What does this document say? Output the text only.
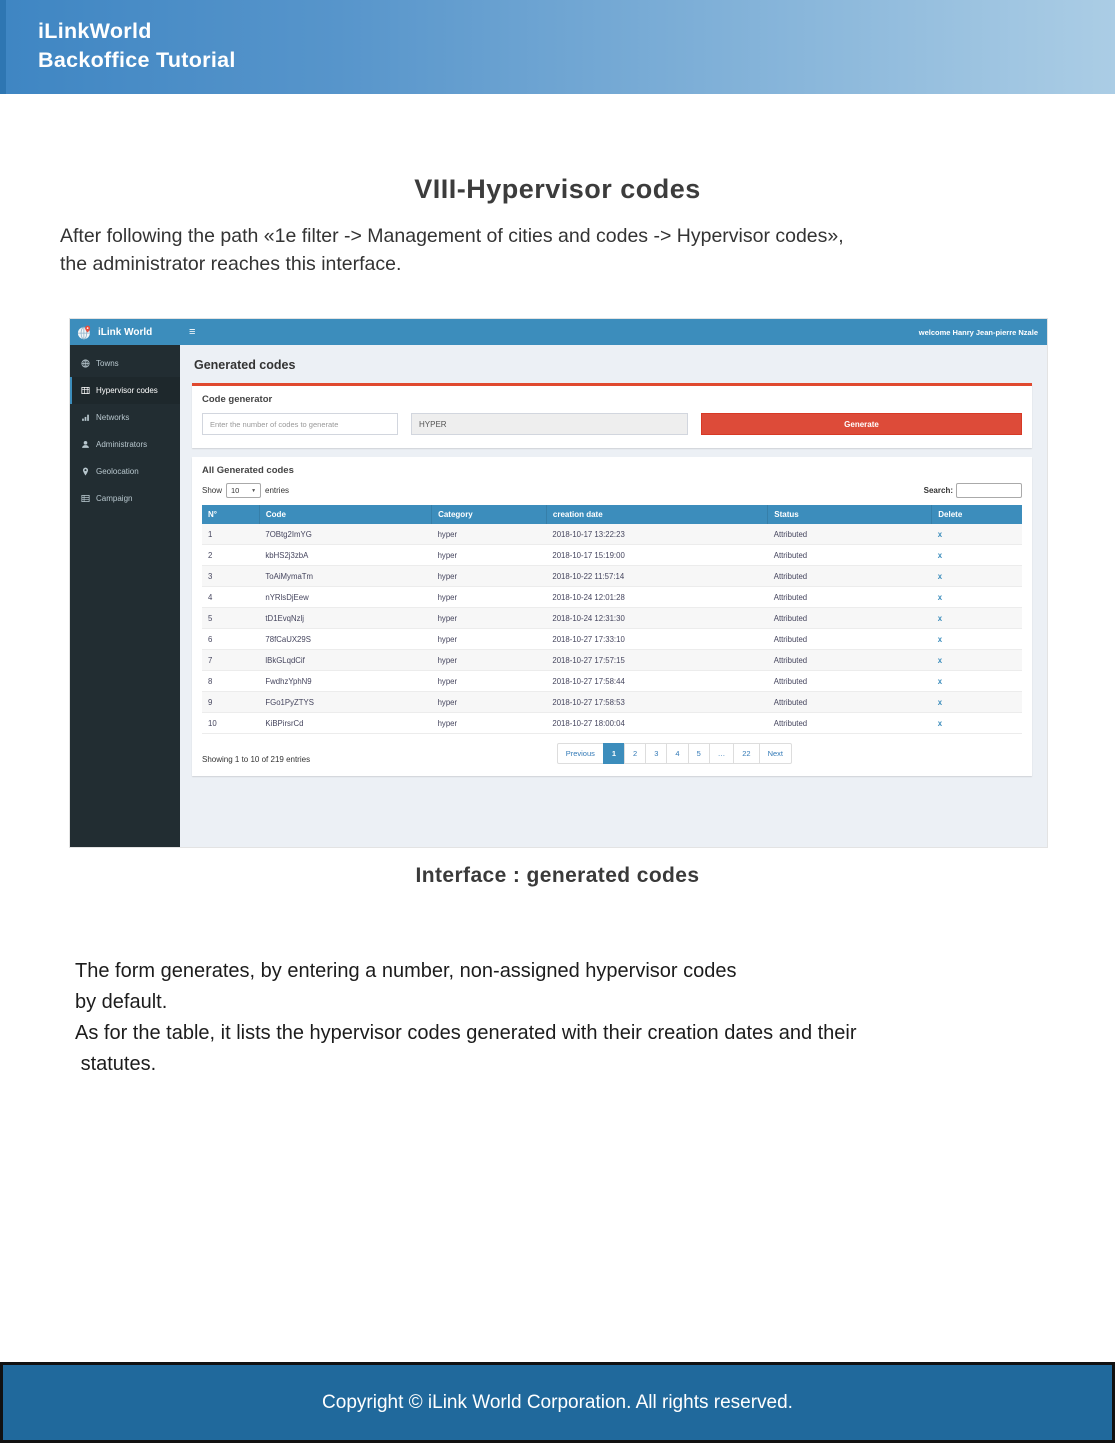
iLinkWorld
Backoffice Tutorial
VIII-Hypervisor codes

After following the path «1e filter -> Management of cities and codes -> Hypervisor codes»,
the administrator reaches this interface.

iLink World	≡	welcome Hanry Jean-pierre Nzale
Towns
Hypervisor codes
Networks
Administrators
Geolocation
Campaign
Generated codes
Code generator
Enter the number of codes to generate
HYPER
Generate
All Generated codes
Show 10 ▼ entries	Search:
N°	Code	Category	creation date	Status	Delete
1	7OBtg2ImYG	hyper	2018-10-17 13:22:23	Attributed	x
2	kbHS2j3zbA	hyper	2018-10-17 15:19:00	Attributed	x
3	ToAiMymaTm	hyper	2018-10-22 11:57:14	Attributed	x
4	nYRlsDjEew	hyper	2018-10-24 12:01:28	Attributed	x
5	tD1EvqNzlj	hyper	2018-10-24 12:31:30	Attributed	x
6	78fCaUX29S	hyper	2018-10-27 17:33:10	Attributed	x
7	lBkGLqdCif	hyper	2018-10-27 17:57:15	Attributed	x
8	FwdhzYphN9	hyper	2018-10-27 17:58:44	Attributed	x
9	FGo1PyZTYS	hyper	2018-10-27 17:58:53	Attributed	x
10	KiBPirsrCd	hyper	2018-10-27 18:00:04	Attributed	x
Showing 1 to 10 of 219 entries
Previous	1	2	3	4	5	…	22	Next
Interface : generated codes
The form generates, by entering a number, non-assigned hypervisor codes
by default.
As for the table, it lists the hypervisor codes generated with their creation dates and their
statutes.
Copyright © iLink World Corporation. All rights reserved.
